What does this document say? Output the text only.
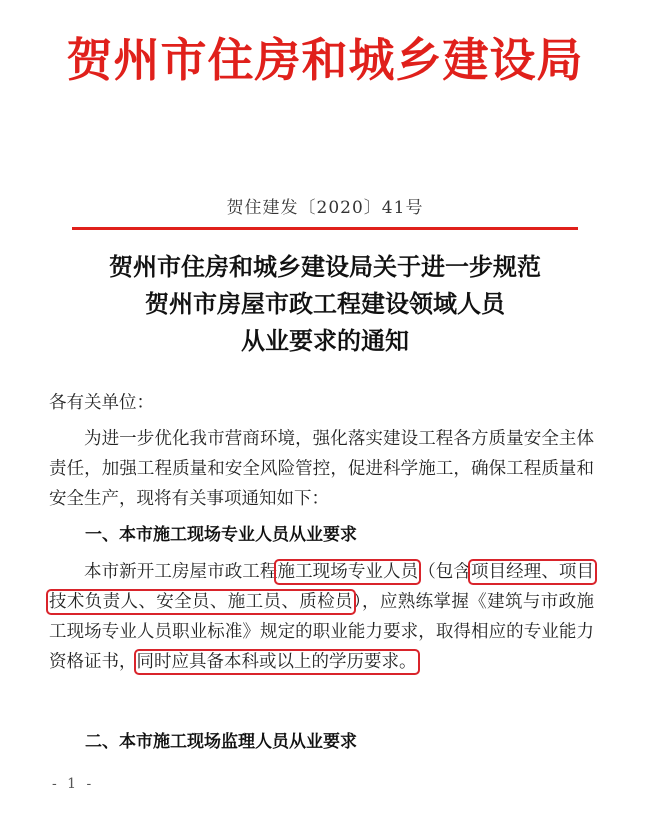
贺州市住房和城乡建设局
贺住建发〔2020〕41号
贺州市住房和城乡建设局关于进一步规范
贺州市房屋市政工程建设领域人员
从业要求的通知
各有关单位：
为进一步优化我市营商环境，强化落实建设工程各方质量安全主体责任，加强工程质量和安全风险管控，促进科学施工，确保工程质量和安全生产，现将有关事项通知如下：
一、本市施工现场专业人员从业要求
本市新开工房屋市政工程施工现场专业人员（包含项目经理、项目技术负责人、安全员、施工员、质检员），应熟练掌握《建筑与市政施工现场专业人员职业标准》规定的职业能力要求，取得相应的专业能力资格证书，同时应具备本科或以上的学历要求。
二、本市施工现场监理人员从业要求
- 1 -
